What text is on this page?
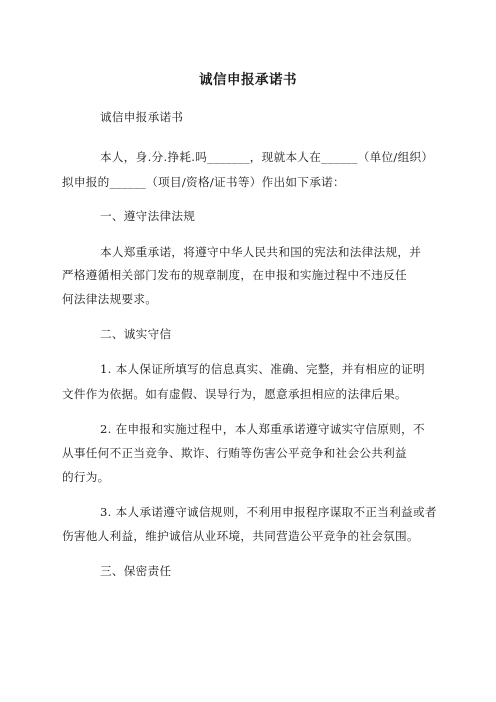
诚信申报承诺书
诚信申报承诺书
本人，身.分.挣耗.吗_______，现就本人在______（单位/组织）
拟申报的______（项目/资格/证书等）作出如下承诺：
一、遵守法律法规
本人郑重承诺，将遵守中华人民共和国的宪法和法律法规，并
严格遵循相关部门发布的规章制度，在申报和实施过程中不违反任
何法律法规要求。
二、诚实守信
1. 本人保证所填写的信息真实、准确、完整，并有相应的证明
文件作为依据。如有虚假、误导行为，愿意承担相应的法律后果。
2. 在申报和实施过程中，本人郑重承诺遵守诚实守信原则，不
从事任何不正当竞争、欺诈、行贿等伤害公平竞争和社会公共利益
的行为。
3. 本人承诺遵守诚信规则，不利用申报程序谋取不正当利益或者
伤害他人利益，维护诚信从业环境，共同营造公平竞争的社会氛围。
三、保密责任
